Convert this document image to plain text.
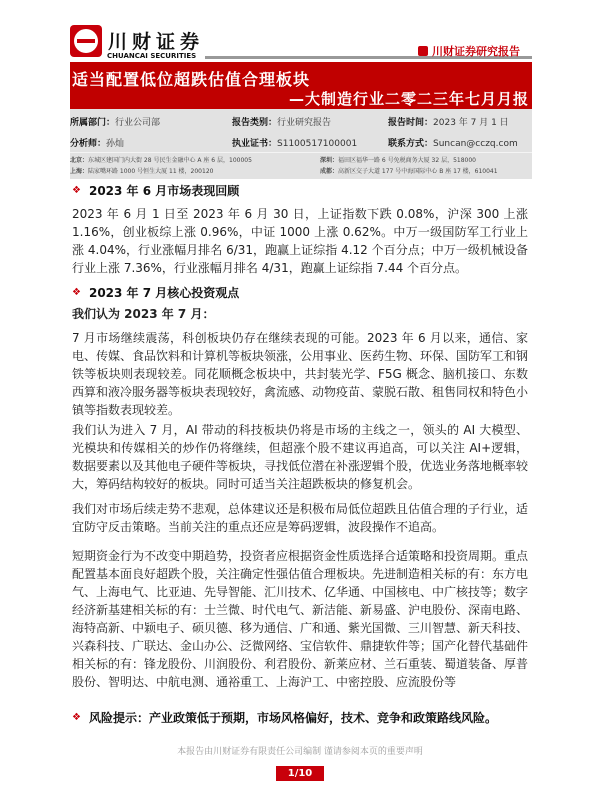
川财证券
CHUANCAI SECURITIES	川财证券研究报告
适当配置低位超跌估值合理板块
—大制造行业二零二三年七月月报
所属部门：行业公司部	报告类别：行业研究报告	报告时间：2023 年 7 月 1 日
分析师：孙灿	执业证书：S1100517100001	联系方式：Suncan@cczq.com
北京：东城区建国门内大街 28 号民生金融中心 A 座 6 层，100005	深圳：福田区福华一路 6 号免税商务大厦 32 层，518000
上海：陆家嘴环路 1000 号恒生大厦 11 楼，200120	成都：高新区交子大道 177 号中海国际中心 B 座 17 楼，610041
❖ 2023 年 6 月市场表现回顾
2023 年 6 月 1 日至 2023 年 6 月 30 日，上证指数下跌 0.08%，沪深 300 上涨 1.16%，创业板综上涨 0.96%，中证 1000 上涨 0.62%。中万一级国防军工行业上涨 4.04%，行业涨幅月排名 6/31，跑赢上证综指 4.12 个百分点；中万一级机械设备行业上涨 7.36%，行业涨幅月排名 4/31，跑赢上证综指 7.44 个百分点。
❖ 2023 年 7 月核心投资观点
我们认为 2023 年 7 月：
7 月市场继续震荡，科创板块仍存在继续表现的可能。2023 年 6 月以来，通信、家电、传媒、食品饮料和计算机等板块领涨，公用事业、医药生物、环保、国防军工和钢铁等板块则表现较差。同花顺概念板块中，共封装光学、F5G 概念、脑机接口、东数西算和液冷服务器等板块表现较好，禽流感、动物疫苗、蒙脱石散、租售同权和特色小镇等指数表现较差。
我们认为进入 7 月，AI 带动的科技板块仍将是市场的主线之一，领头的 AI 大模型、光模块和传媒相关的炒作仍将继续，但超涨个股不建议再追高，可以关注 AI+逻辑，数据要素以及其他电子硬件等板块，寻找低位潜在补涨逻辑个股，优选业务落地概率较大，筹码结构较好的板块。同时可适当关注超跌板块的修复机会。
我们对市场后续走势不悲观，总体建议还是积极布局低位超跌且估值合理的子行业，适宜防守反击策略。当前关注的重点还应是筹码逻辑，波段操作不追高。
短期资金行为不改变中期趋势，投资者应根据资金性质选择合适策略和投资周期。重点配置基本面良好超跌个股，关注确定性强估值合理板块。先进制造相关标的有：东方电气、上海电气、比亚迪、先导智能、汇川技术、亿华通、中国核电、中广核技等；数字经济新基建相关标的有：士兰微、时代电气、新洁能、新易盛、沪电股份、深南电路、海特高新、中颖电子、硕贝德、移为通信、广和通、紫光国微、三川智慧、新天科技、兴森科技、广联达、金山办公、泛微网络、宝信软件、鼎捷软件等；国产化替代基础件相关标的有：锋龙股份、川润股份、利君股份、新莱应材、兰石重装、蜀道装备、厚普股份、智明达、中航电测、通裕重工、上海沪工、中密控股、应流股份等
❖ 风险提示：产业政策低于预期，市场风格偏好，技术、竞争和政策路线风险。
本报告由川财证券有限责任公司编制 谨请参阅本页的重要声明
1/10
